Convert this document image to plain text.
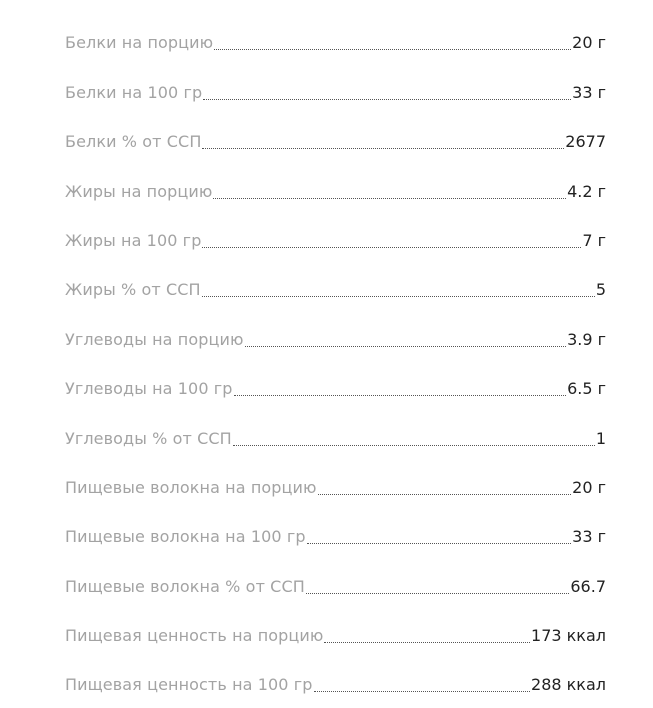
Белки на порцию	20 г
Белки на 100 гр	33 г
Белки % от ССП	2677
Жиры на порцию	4.2 г
Жиры на 100 гр	7 г
Жиры % от ССП	5
Углеводы на порцию	3.9 г
Углеводы на 100 гр	6.5 г
Углеводы % от ССП	1
Пищевые волокна на порцию	20 г
Пищевые волокна на 100 гр	33 г
Пищевые волокна % от ССП	66.7
Пищевая ценность на порцию	173 ккал
Пищевая ценность на 100 гр	288 ккал
